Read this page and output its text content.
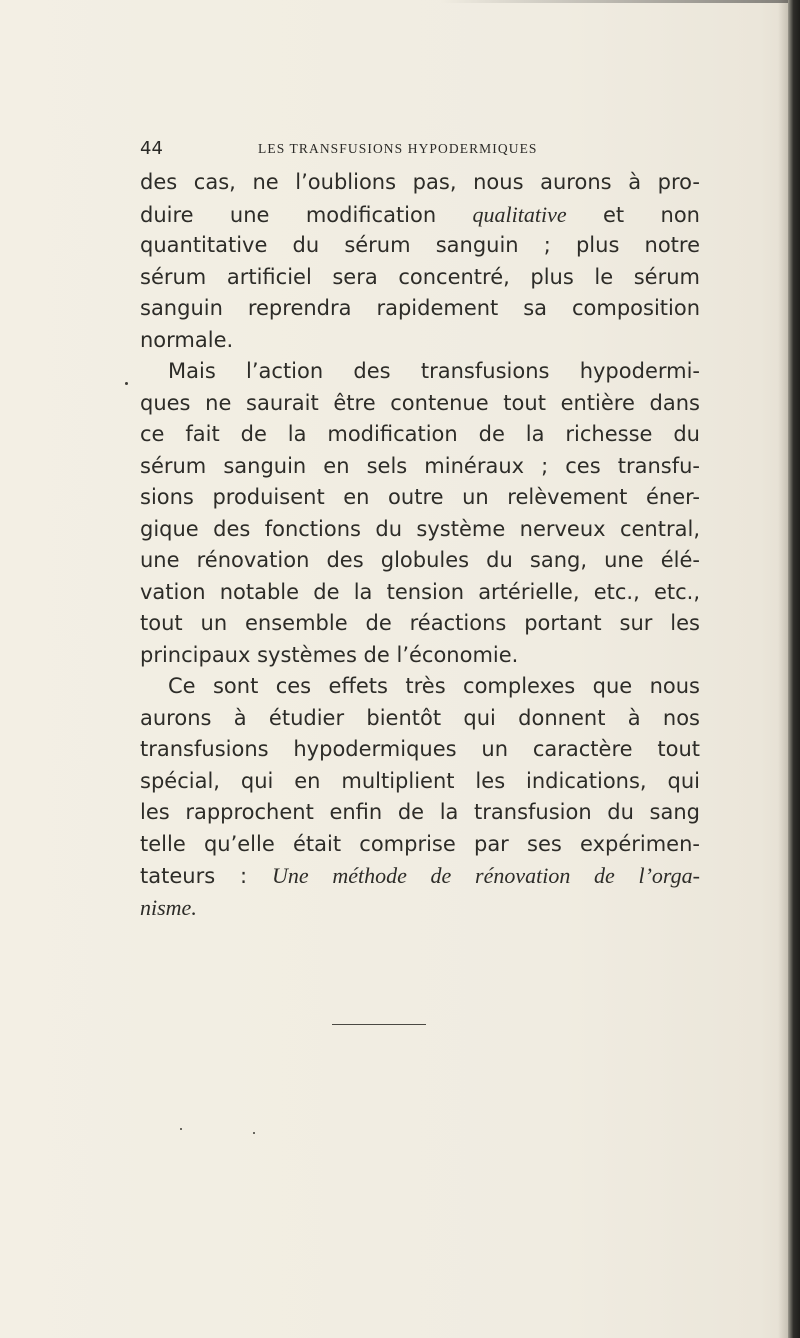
44	LES TRANSFUSIONS HYPODERMIQUES
des cas, ne l’oublions pas, nous aurons à pro-
duire une modification qualitative et non
quantitative du sérum sanguin ; plus notre
sérum artificiel sera concentré, plus le sérum
sanguin reprendra rapidement sa composition
normale.
Mais l’action des transfusions hypodermi-
ques ne saurait être contenue tout entière dans
ce fait de la modification de la richesse du
sérum sanguin en sels minéraux ; ces transfu-
sions produisent en outre un relèvement éner-
gique des fonctions du système nerveux central,
une rénovation des globules du sang, une élé-
vation notable de la tension artérielle, etc., etc.,
tout un ensemble de réactions portant sur les
principaux systèmes de l’économie.
Ce sont ces effets très complexes que nous
aurons à étudier bientôt qui donnent à nos
transfusions hypodermiques un caractère tout
spécial, qui en multiplient les indications, qui
les rapprochent enfin de la transfusion du sang
telle qu’elle était comprise par ses expérimen-
tateurs : Une méthode de rénovation de l’orga-
nisme.
